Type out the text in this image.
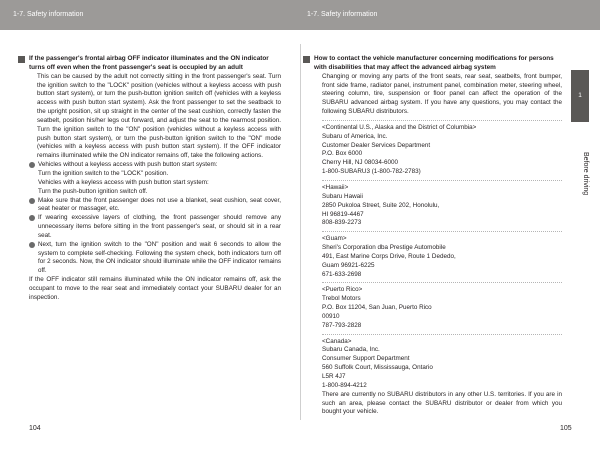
1-7. Safety information	1-7. Safety information
1
Before driving
If the passenger's frontal airbag OFF indicator illuminates and the ON indicator turns off even when the front passenger's seat is occupied by an adult

This can be caused by the adult not correctly sitting in the front passenger's seat. Turn the ignition switch to the "LOCK" position (vehicles without a keyless access with push button start system), or turn the push-button ignition switch off (vehicles with a keyless access with push button start system). Ask the front passenger to set the seatback to the upright position, sit up straight in the center of the seat cushion, correctly fasten the seatbelt, position his/her legs out forward, and adjust the seat to the rearmost position. Turn the ignition switch to the "ON" position (vehicles without a keyless access with push button start system), or turn the push-button ignition switch to the "ON" mode (vehicles with a keyless access with push button start system). If the OFF indicator remains illuminated while the ON indicator remains off, take the following actions.

Vehicles without a keyless access with push button start system:
Turn the ignition switch to the "LOCK" position.
Vehicles with a keyless access with push button start system:
Turn the push-button ignition switch off.

Make sure that the front passenger does not use a blanket, seat cushion, seat cover, seat heater or massager, etc.

If wearing excessive layers of clothing, the front passenger should remove any unnecessary items before sitting in the front passenger's seat, or should sit in a rear seat.

Next, turn the ignition switch to the "ON" position and wait 6 seconds to allow the system to complete self-checking. Following the system check, both indicators turn off for 2 seconds. Now, the ON indicator should illuminate while the OFF indicator remains off.

If the OFF indicator still remains illuminated while the ON indicator remains off, ask the occupant to move to the rear seat and immediately contact your SUBARU dealer for an inspection.

How to contact the vehicle manufacturer concerning modifications for persons with disabilities that may affect the advanced airbag system

Changing or moving any parts of the front seats, rear seat, seatbelts, front bumper, front side frame, radiator panel, instrument panel, combination meter, steering wheel, steering column, tire, suspension or floor panel can affect the operation of the SUBARU advanced airbag system. If you have any questions, you may contact the following SUBARU distributors.

<Continental U.S., Alaska and the District of Columbia>
Subaru of America, Inc.
Customer Dealer Services Department
P.O. Box 6000
Cherry Hill, NJ 08034-6000
1-800-SUBARU3 (1-800-782-2783)
<Hawaii>
Subaru Hawaii
2850 Pukoloa Street, Suite 202, Honolulu,
HI 96819-4467
808-839-2273
<Guam>
Sheri's Corporation dba Prestige Automobile
491, East Marine Corps Drive, Route 1 Dededo,
Guam 96921-6225
671-633-2698
<Puerto Rico>
Trebol Motors
P.O. Box 11204, San Juan, Puerto Rico
00910
787-793-2828
<Canada>
Subaru Canada, Inc.
Consumer Support Department
560 Suffolk Court, Mississauga, Ontario
L5R 4J7
1-800-894-4212

There are currently no SUBARU distributors in any other U.S. territories. If you are in such an area, please contact the SUBARU distributor or dealer from which you bought your vehicle.

104	105
